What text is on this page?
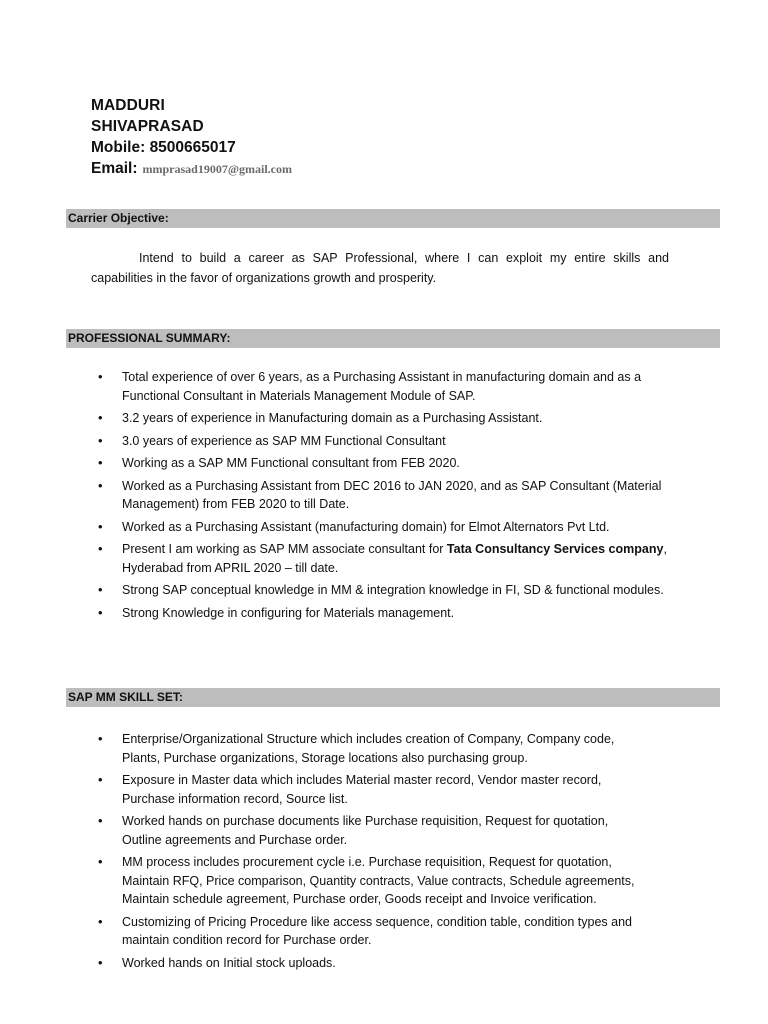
MADDURI
SHIVAPRASAD
Mobile: 8500665017
Email: mmprasad19007@gmail.com
Carrier Objective:

Intend to build a career as SAP Professional, where I can exploit my entire skills and capabilities in the favor of organizations growth and prosperity.

PROFESSIONAL SUMMARY:
• Total experience of over 6 years, as a Purchasing Assistant in manufacturing domain and as a Functional Consultant in Materials Management Module of SAP.
• 3.2 years of experience in Manufacturing domain as a Purchasing Assistant.
• 3.0 years of experience as SAP MM Functional Consultant
• Working as a SAP MM Functional consultant from FEB 2020.
• Worked as a Purchasing Assistant from DEC 2016 to JAN 2020, and as SAP Consultant (Material Management) from FEB 2020 to till Date.
• Worked as a Purchasing Assistant (manufacturing domain) for Elmot Alternators Pvt Ltd.
• Present I am working as SAP MM associate consultant for Tata Consultancy Services company, Hyderabad from APRIL 2020 – till date.
• Strong SAP conceptual knowledge in MM & integration knowledge in FI, SD & functional modules.
• Strong Knowledge in configuring for Materials management.
SAP MM SKILL SET:
• Enterprise/Organizational Structure which includes creation of Company, Company code, Plants, Purchase organizations, Storage locations also purchasing group.
• Exposure in Master data which includes Material master record, Vendor master record, Purchase information record, Source list.
• Worked hands on purchase documents like Purchase requisition, Request for quotation, Outline agreements and Purchase order.
• MM process includes procurement cycle i.e. Purchase requisition, Request for quotation, Maintain RFQ, Price comparison, Quantity contracts, Value contracts, Schedule agreements, Maintain schedule agreement, Purchase order, Goods receipt and Invoice verification.
• Customizing of Pricing Procedure like access sequence, condition table, condition types and maintain condition record for Purchase order.
• Worked hands on Initial stock uploads.
